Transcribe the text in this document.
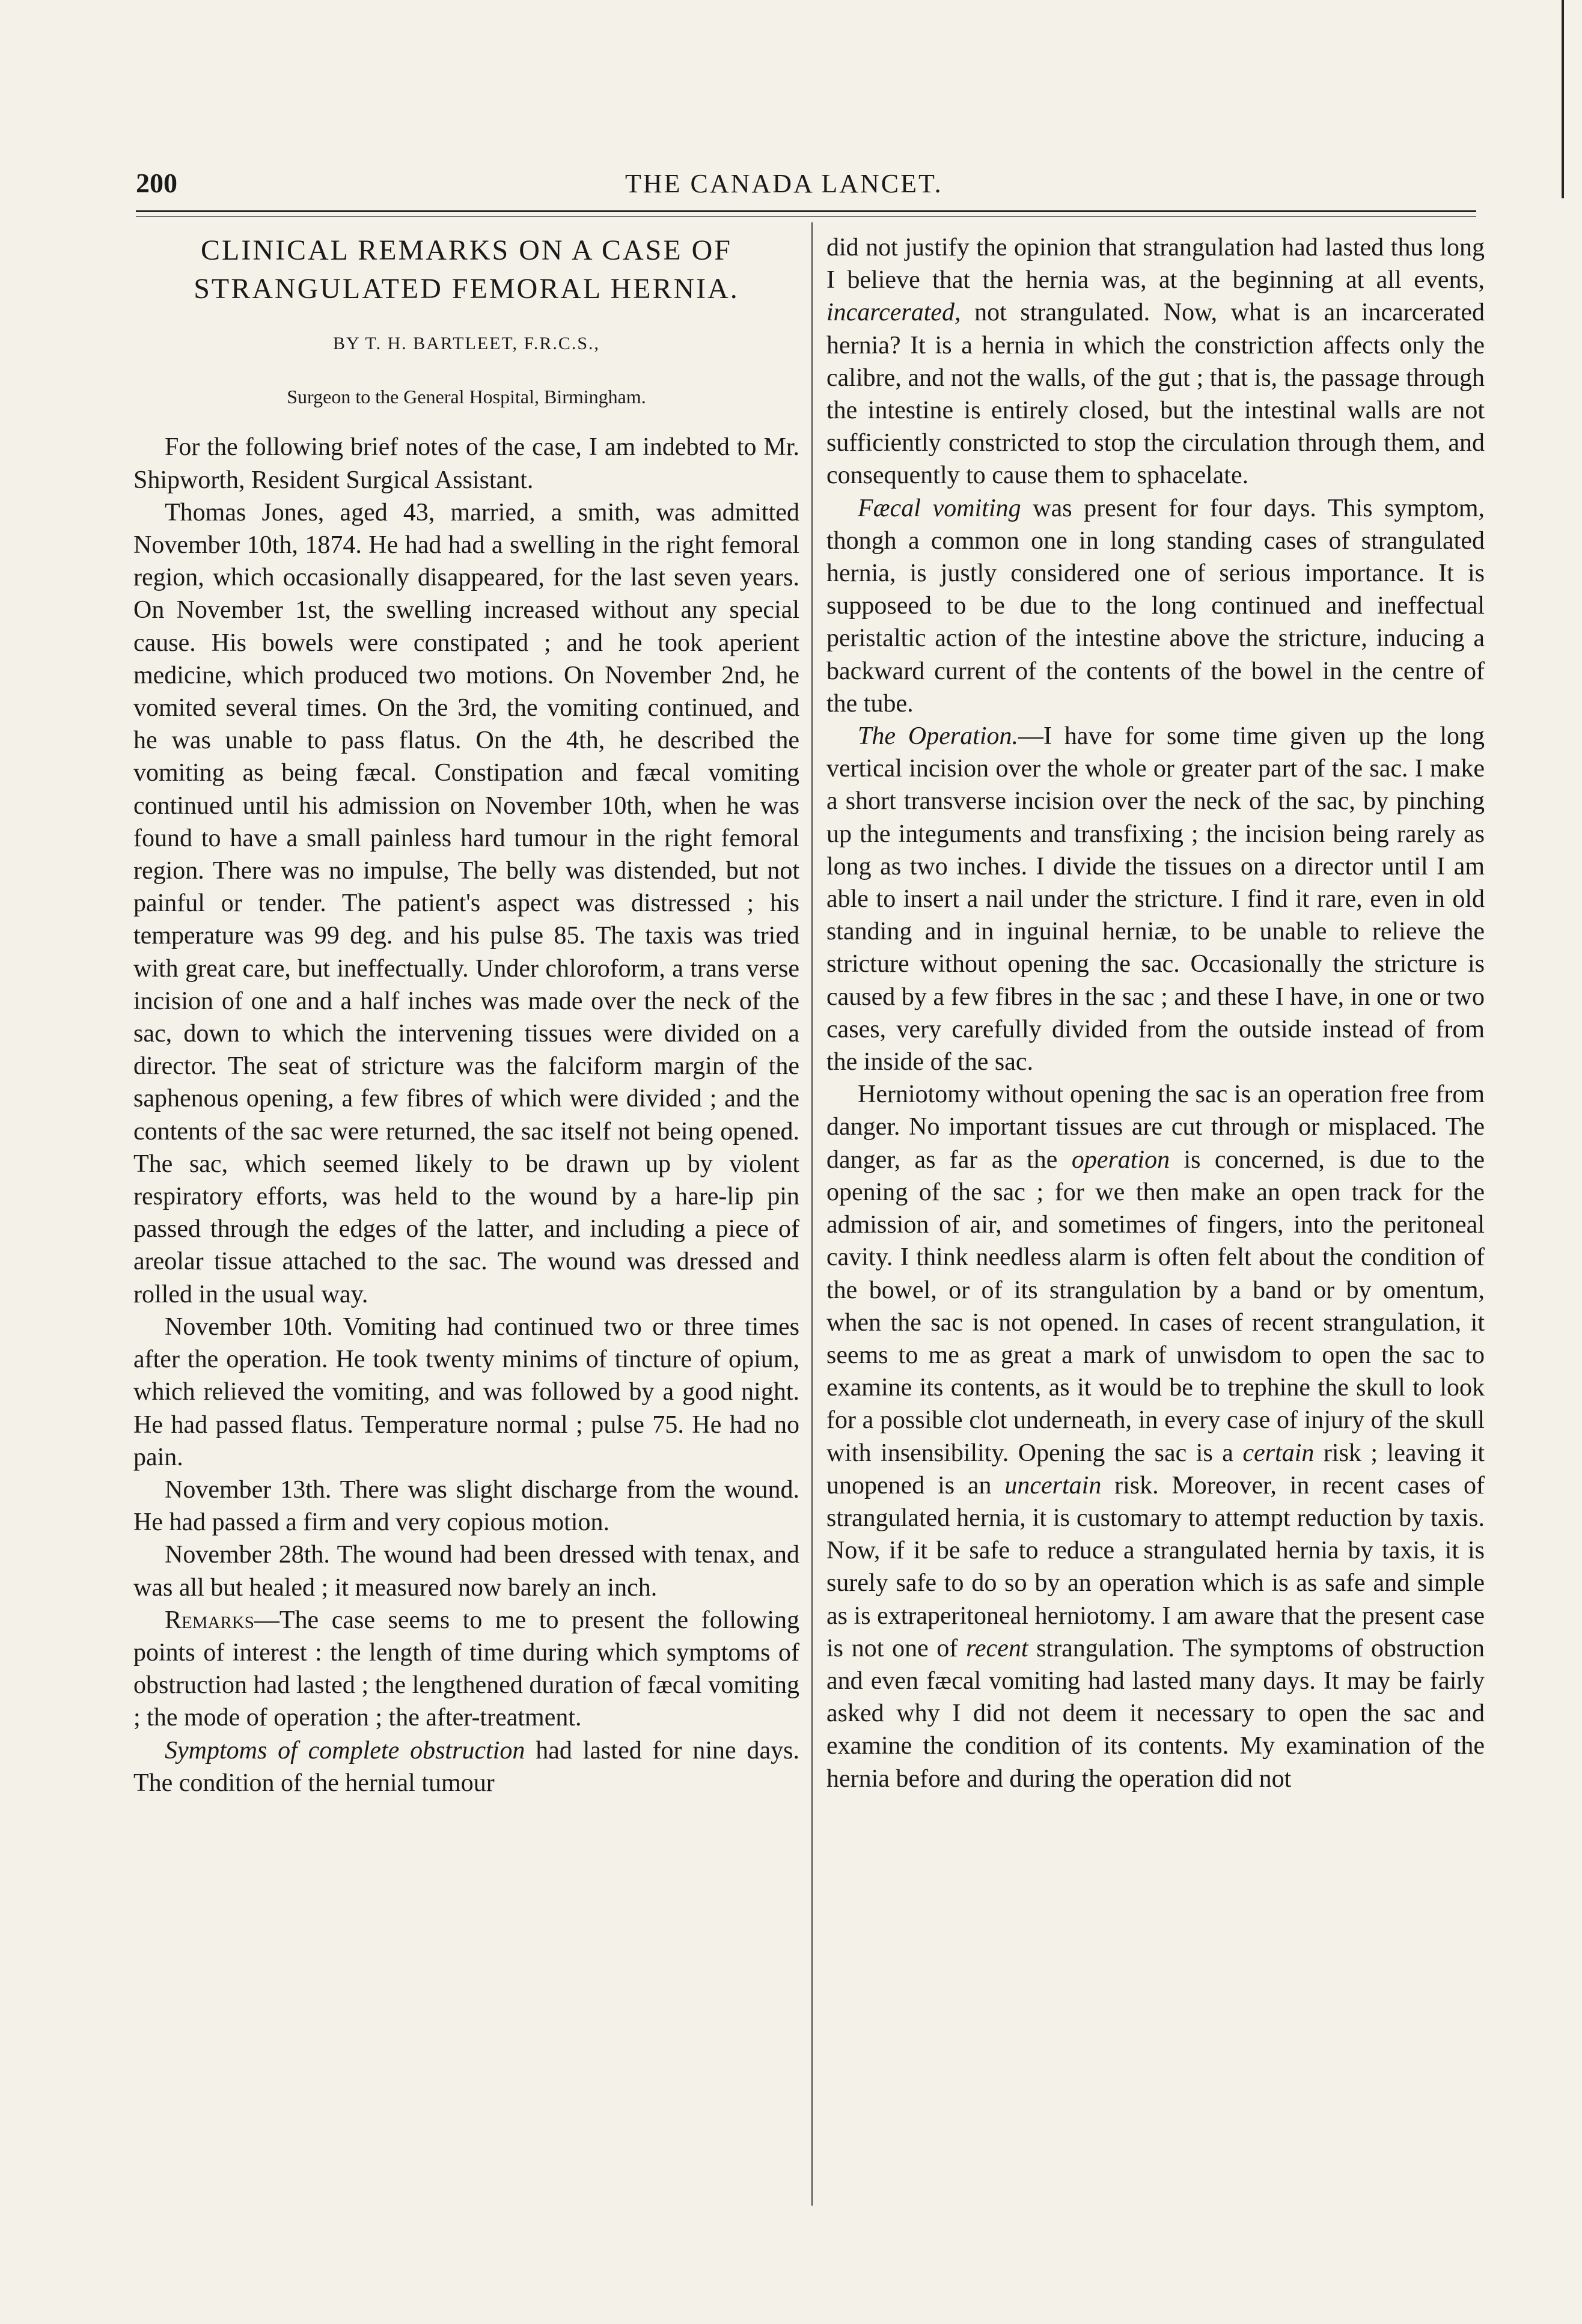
200	THE CANADA LANCET.
CLINICAL REMARKS ON A CASE OF
STRANGULATED FEMORAL HERNIA.
BY T. H. BARTLEET, F.R.C.S.,
Surgeon to the General Hospital, Birmingham.

For the following brief notes of the case, I am indebted to Mr. Shipworth, Resident Surgical Assistant.

Thomas Jones, aged 43, married, a smith, was admitted November 10th, 1874. He had had a swelling in the right femoral region, which occasionally disappeared, for the last seven years. On November 1st, the swelling increased without any special cause. His bowels were constipated ; and he took aperient medicine, which produced two motions. On November 2nd, he vomited several times. On the 3rd, the vomiting continued, and he was unable to pass flatus. On the 4th, he described the vomiting as being fæcal. Constipation and fæcal vomiting continued until his admission on November 10th, when he was found to have a small painless hard tumour in the right femoral region. There was no impulse, The belly was distended, but not painful or tender. The patient's aspect was distressed ; his temperature was 99 deg. and his pulse 85. The taxis was tried with great care, but ineffectually. Under chloroform, a trans verse incision of one and a half inches was made over the neck of the sac, down to which the intervening tissues were divided on a director. The seat of stricture was the falciform margin of the saphenous opening, a few fibres of which were divided ; and the contents of the sac were returned, the sac itself not being opened. The sac, which seemed likely to be drawn up by violent respiratory efforts, was held to the wound by a hare-lip pin passed through the edges of the latter, and including a piece of areolar tissue attached to the sac. The wound was dressed and rolled in the usual way.

November 10th. Vomiting had continued two or three times after the operation. He took twenty minims of tincture of opium, which relieved the vomiting, and was followed by a good night. He had passed flatus. Temperature normal ; pulse 75. He had no pain.

November 13th. There was slight discharge from the wound. He had passed a firm and very copious motion.

November 28th. The wound had been dressed with tenax, and was all but healed ; it measured now barely an inch.

Remarks—The case seems to me to present the following points of interest : the length of time during which symptoms of obstruction had lasted ; the lengthened duration of fæcal vomiting ; the mode of operation ; the after-treatment.

Symptoms of complete obstruction had lasted for nine days. The condition of the hernial tumour

did not justify the opinion that strangulation had lasted thus long I believe that the hernia was, at the beginning at all events, incarcerated, not strangulated. Now, what is an incarcerated hernia? It is a hernia in which the constriction affects only the calibre, and not the walls, of the gut ; that is, the passage through the intestine is entirely closed, but the intestinal walls are not sufficiently constricted to stop the circulation through them, and consequently to cause them to sphacelate.

Fæcal vomiting was present for four days. This symptom, thongh a common one in long standing cases of strangulated hernia, is justly considered one of serious importance. It is supposeed to be due to the long continued and ineffectual peristaltic action of the intestine above the stricture, inducing a backward current of the contents of the bowel in the centre of the tube.

The Operation.—I have for some time given up the long vertical incision over the whole or greater part of the sac. I make a short transverse incision over the neck of the sac, by pinching up the integuments and transfixing ; the incision being rarely as long as two inches. I divide the tissues on a director until I am able to insert a nail under the stricture. I find it rare, even in old standing and in inguinal herniæ, to be unable to relieve the stricture without opening the sac. Occasionally the stricture is caused by a few fibres in the sac ; and these I have, in one or two cases, very carefully divided from the outside instead of from the inside of the sac.

Herniotomy without opening the sac is an operation free from danger. No important tissues are cut through or misplaced. The danger, as far as the operation is concerned, is due to the opening of the sac ; for we then make an open track for the admission of air, and sometimes of fingers, into the peritoneal cavity. I think needless alarm is often felt about the condition of the bowel, or of its strangulation by a band or by omentum, when the sac is not opened. In cases of recent strangulation, it seems to me as great a mark of unwisdom to open the sac to examine its contents, as it would be to trephine the skull to look for a possible clot underneath, in every case of injury of the skull with insensibility. Opening the sac is a certain risk ; leaving it unopened is an uncertain risk. Moreover, in recent cases of strangulated hernia, it is customary to attempt reduction by taxis. Now, if it be safe to reduce a strangulated hernia by taxis, it is surely safe to do so by an operation which is as safe and simple as is extraperitoneal herniotomy. I am aware that the present case is not one of recent strangulation. The symptoms of obstruction and even fæcal vomiting had lasted many days. It may be fairly asked why I did not deem it necessary to open the sac and examine the condition of its contents. My examination of the hernia before and during the operation did not
